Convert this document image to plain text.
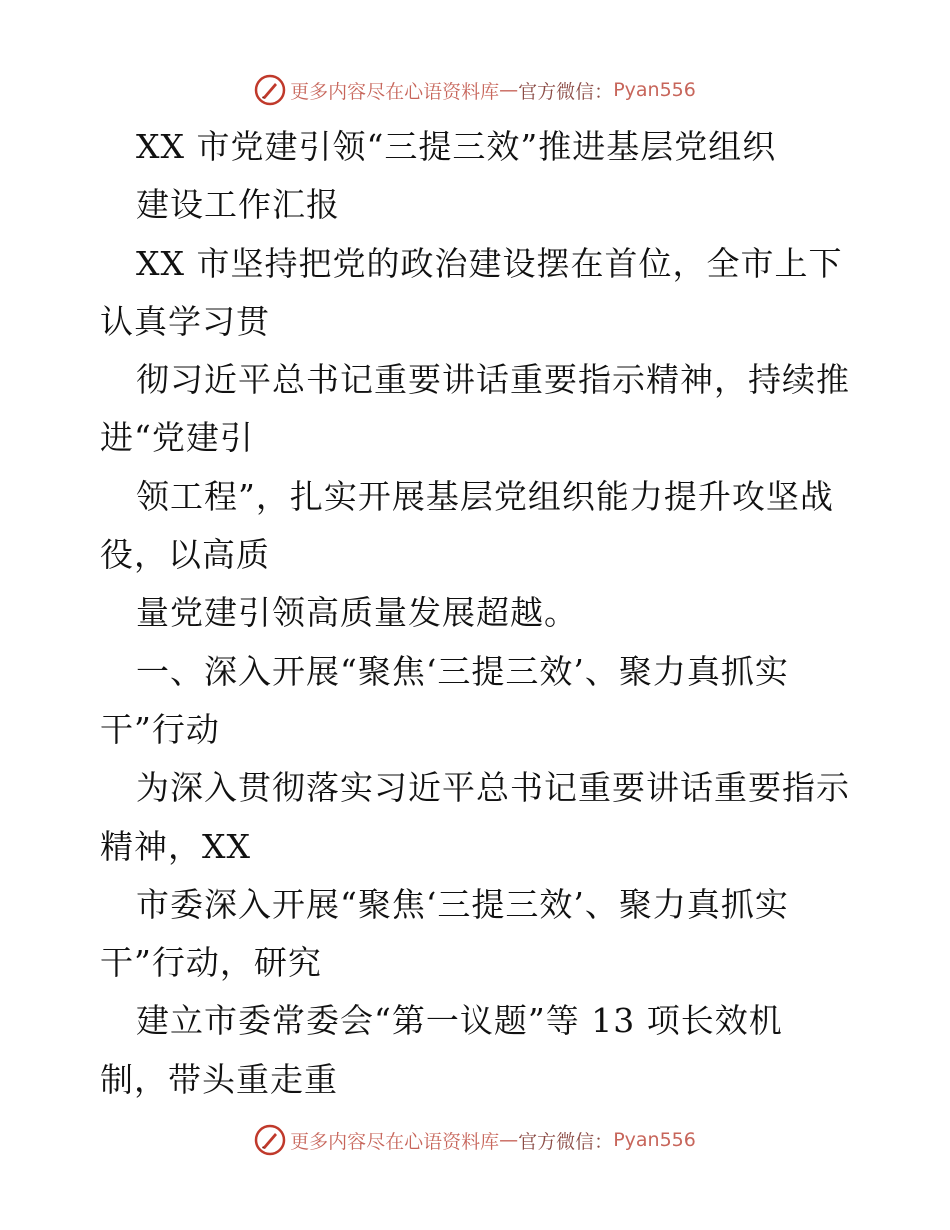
更多内容尽在心语资料库 — 官方微信： Pyan556
XX 市党建引领“三提三效”推进基层党组织
建设工作汇报
XX 市坚持把党的政治建设摆在首位，全市上下
认真学习贯
彻习近平总书记重要讲话重要指示精神，持续推
进“党建引
领工程”，扎实开展基层党组织能力提升攻坚战
役，以高质
量党建引领高质量发展超越。
一、深入开展“聚焦‘三提三效’、聚力真抓实
干”行动
为深入贯彻落实习近平总书记重要讲话重要指示
精神，XX
市委深入开展“聚焦‘三提三效’、聚力真抓实
干”行动，研究
建立市委常委会“第一议题”等 13 项长效机
制，带头重走重
更多内容尽在心语资料库 — 官方微信： Pyan556
